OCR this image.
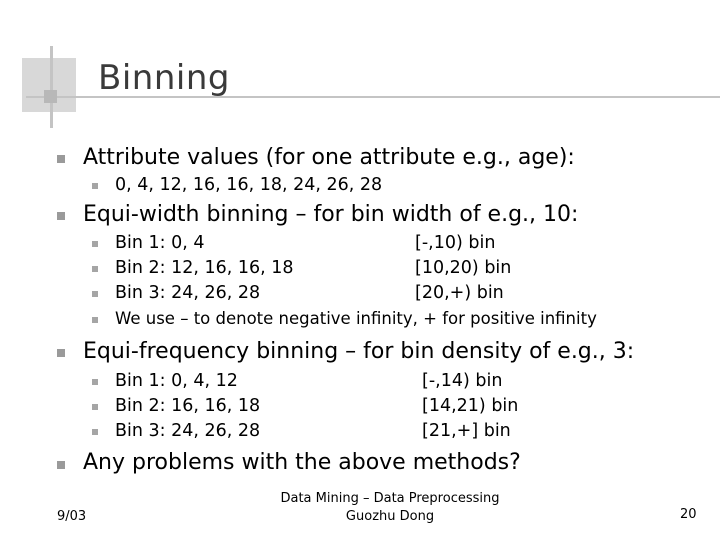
Binning
Attribute values (for one attribute e.g., age):
0, 4, 12, 16, 16, 18, 24, 26, 28
Equi-width binning – for bin width of e.g., 10:
Bin 1: 0, 4	[-,10) bin
Bin 2: 12, 16, 16, 18	[10,20) bin
Bin 3: 24, 26, 28	[20,+) bin
We use – to denote negative infinity, + for positive infinity
Equi-frequency binning – for bin density of e.g., 3:
Bin 1: 0, 4, 12	[-,14) bin
Bin 2: 16, 16, 18	[14,21) bin
Bin 3: 24, 26, 28	[21,+] bin
Any problems with the above methods?
9/03
Data Mining – Data Preprocessing
Guozhu Dong	20
